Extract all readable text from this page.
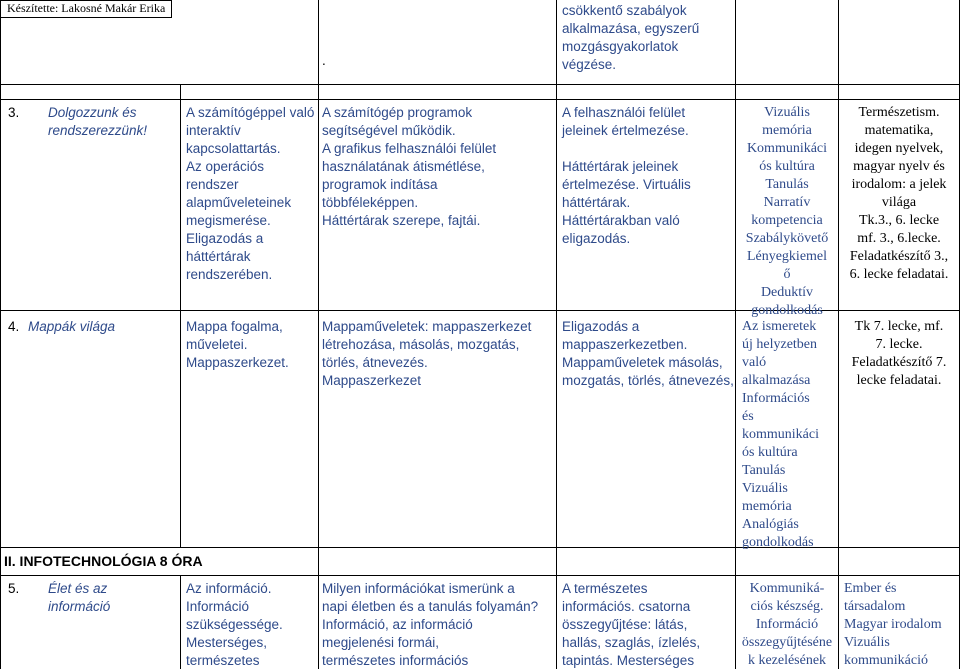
Készítette: Lakosné Makár Erika
.
csökkentő szabályok
alkalmazása, egyszerű
mozgásgyakorlatok
végzése.
3. Dolgozzunk és
rendszerezzünk!
A számítógéppel való
interaktív
kapcsolattartás.
Az operációs rendszer
alapműveleteinek
megismerése.
Eligazodás a
háttértárak
rendszerében.
A számítógép programok
segítségével működik.
A grafikus felhasználói felület
használatának átismétlése,
programok indítása
többféleképpen.
Háttértárak szerepe, fajtái.
A felhasználói felület
jeleinek értelmezése.

Háttértárak jeleinek
értelmezése. Virtuális
háttértárak.
Háttértárakban való
eligazodás.
Vizuális
memória
Kommunikáci
ós kultúra
Tanulás
Narratív
kompetencia
Szabálykövető
Lényegkiemel
ő
Deduktív
gondolkodás
Természetism.
matematika,
idegen nyelvek,
magyar nyelv és
irodalom: a jelek
világa
Tk.3., 6. lecke
mf. 3., 6.lecke.
Feladatkészítő 3.,
6. lecke feladatai.
4. Mappák világa	Mappa fogalma,
műveletei.
Mappaszerkezet.
Mappaműveletek: mappaszerkezet
létrehozása, másolás, mozgatás,
törlés, átnevezés.
Mappaszerkezet
Eligazodás a
mappaszerkezetben.
Mappaműveletek másolás,
mozgatás, törlés, átnevezés,
Az ismeretek
új helyzetben
való
alkalmazása
Információs
és
kommunikáci
ós kultúra
Tanulás
Vizuális
memória
Analógiás
gondolkodás
Tk 7. lecke, mf.
7. lecke.
Feladatkészítő 7.
lecke feladatai.
II. INFOTECHNOLÓGIA 8 ÓRA
5. Élet és az
információ
Az információ.
Információ
szükségessége.
Mesterséges,
természetes
Milyen információkat ismerünk a
napi életben és a tanulás folyamán?
Információ, az információ
megjelenési formái,
természetes információs
A természetes
információs. csatorna
összegyűjtése: látás,
hallás, szaglás, ízlelés,
tapintás. Mesterséges
Kommuniká-
ciós készség.
Információ
összegyűjtéséne
k kezelésének
Ember és
társadalom
Magyar irodalom
Vizuális
kommunikáció
